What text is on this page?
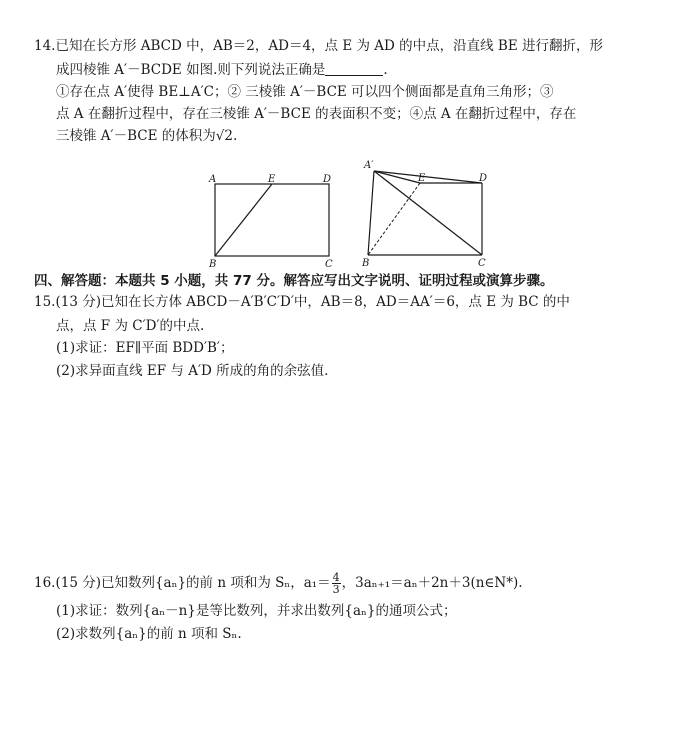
14.已知在长方形 ABCD 中，AB＝2，AD＝4，点 E 为 AD 的中点，沿直线 BE 进行翻折，形
成四棱锥 A′－BCDE 如图.则下列说法正确是	.
①存在点 A′使得 BE⊥A′C；② 三棱锥 A′－BCE 可以四个侧面都是直角三角形；③
点 A 在翻折过程中，存在三棱锥 A′－BCE 的表面积不变；④点 A 在翻折过程中，存在
三棱锥 A′－BCE 的体积为√2.
A	E	D
B	C
A′
E	D
B	C
四、解答题：本题共 5 小题，共 77 分。解答应写出文字说明、证明过程或演算步骤。
15.(13 分)已知在长方体 ABCD－A′B′C′D′中，AB＝8，AD＝AA′＝6，点 E 为 BC 的中
点，点 F 为 C′D′的中点.
(1)求证：EF∥平面 BDD′B′；
(2)求异面直线 EF 与 A′D 所成的角的余弦值.
16.(15 分)已知数列{aₙ}的前 n 项和为 Sₙ，$a_1= \frac{4}{3}$ ，3aₙ₊₁＝aₙ＋2n＋3(n∈N*).
(1)求证：数列{aₙ－n}是等比数列，并求出数列{aₙ}的通项公式；
(2)求数列{aₙ}的前 n 项和 Sₙ.
